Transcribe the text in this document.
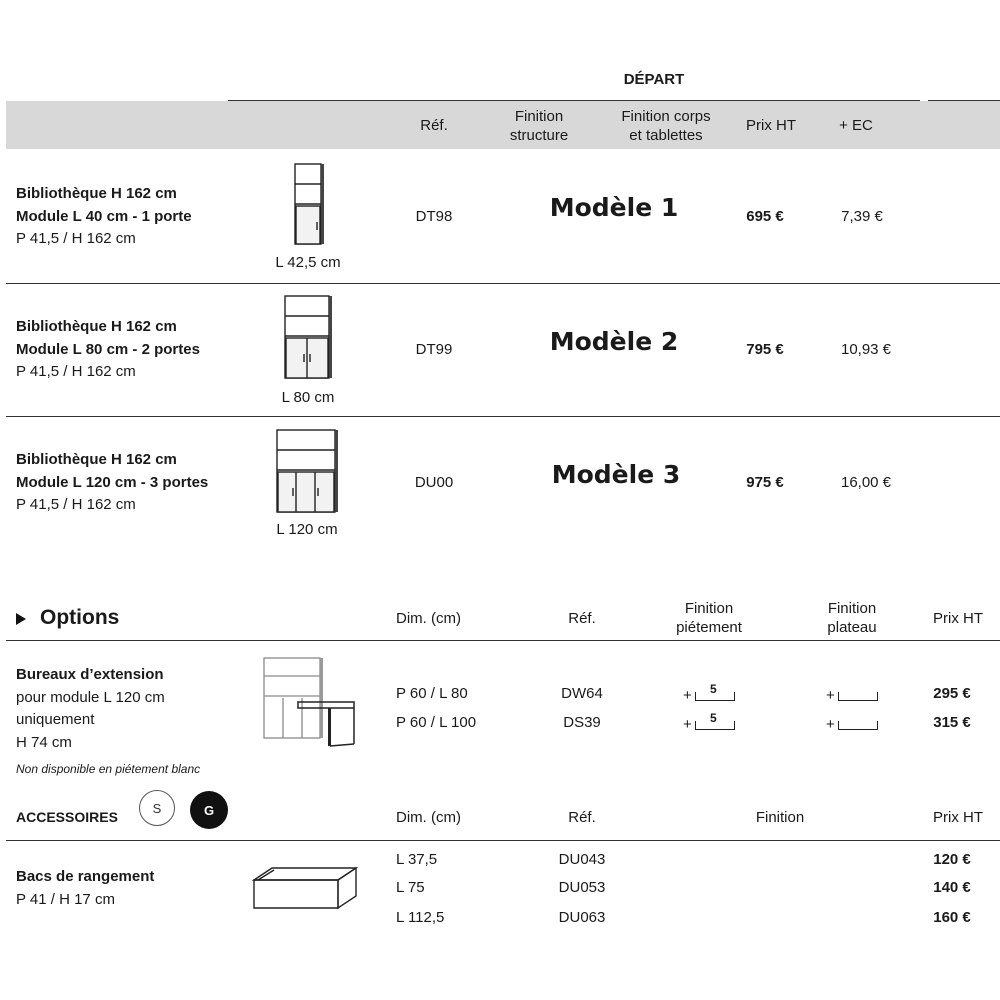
DÉPART
Réf.
Finition
structure
Finition corps
et tablettes
Prix HT	+ EC
Bibliothèque H 162 cm
Module L 40 cm - 1 porte
P 41,5 / H 162 cm
L 42,5 cm
DT98	Modèle 1	695 €	7,39 €
Bibliothèque H 162 cm
Module L 80 cm - 2 portes
P 41,5 / H 162 cm
L 80 cm
DT99	Modèle 2	795 €	10,93 €
Bibliothèque H 162 cm
Module L 120 cm - 3 portes
P 41,5 / H 162 cm
L 120 cm
DU00	Modèle 3	975 €	16,00 €
Options	Dim. (cm)	Réf.
Finition
piétement
Finition
plateau
Prix HT
Bureaux d’extension
pour module L 120 cm
uniquement
H 74 cm
Non disponible en piétement blanc
P 60 / L 80	DW64	+ 5	+	295 €
P 60 / L 100	DS39	+ 5	+	315 €
ACCESSOIRES
S	G	Dim. (cm)	Réf.	Finition	Prix HT
Bacs de rangement
P 41 / H 17 cm
L 37,5	DU043	120 €
L 75	DU053	140 €
L 112,5	DU063	160 €
